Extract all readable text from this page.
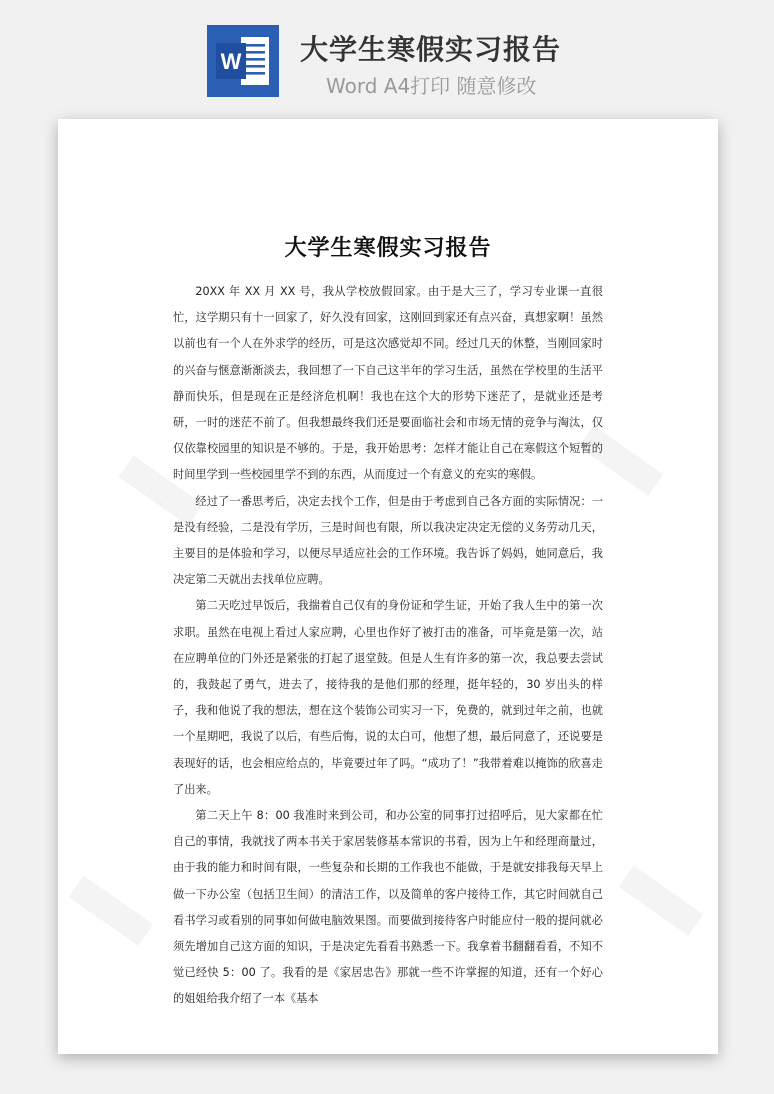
W 大学生寒假实习报告
Word A4打印 随意修改
大学生寒假实习报告

20XX 年 XX 月 XX 号，我从学校放假回家。由于是大三了，学习专业课一直很忙，这学期只有十一回家了，好久没有回家，这刚回到家还有点兴奋，真想家啊！虽然以前也有一个人在外求学的经历，可是这次感觉却不同。经过几天的休整，当刚回家时的兴奋与惬意渐渐淡去，我回想了一下自己这半年的学习生活，虽然在学校里的生活平静而快乐，但是现在正是经济危机啊！我也在这个大的形势下迷茫了，是就业还是考研，一时的迷茫不前了。但我想最终我们还是要面临社会和市场无情的竞争与淘汰，仅仅依靠校园里的知识是不够的。于是，我开始思考：怎样才能让自己在寒假这个短暂的时间里学到一些校园里学不到的东西，从而度过一个有意义的充实的寒假。

经过了一番思考后，决定去找个工作，但是由于考虑到自己各方面的实际情况：一是没有经验，二是没有学历，三是时间也有限，所以我决定决定无偿的义务劳动几天，主要目的是体验和学习，以便尽早适应社会的工作环境。我告诉了妈妈，她同意后，我决定第二天就出去找单位应聘。

第二天吃过早饭后，我揣着自己仅有的身份证和学生证，开始了我人生中的第一次求职。虽然在电视上看过人家应聘，心里也作好了被打击的准备，可毕竟是第一次，站在应聘单位的门外还是紧张的打起了退堂鼓。但是人生有许多的第一次，我总要去尝试的，我鼓起了勇气，进去了，接待我的是他们那的经理，挺年轻的，30 岁出头的样子，我和他说了我的想法，想在这个装饰公司实习一下，免费的，就到过年之前，也就一个星期吧，我说了以后，有些后悔，说的太白可，他想了想，最后同意了，还说要是表现好的话，也会相应给点的，毕竟要过年了吗。“成功了！”我带着难以掩饰的欣喜走了出来。

第二天上午 8：00 我准时来到公司，和办公室的同事打过招呼后，见大家都在忙自己的事情，我就找了两本书关于家居装修基本常识的书看，因为上午和经理商量过，由于我的能力和时间有限，一些复杂和长期的工作我也不能做，于是就安排我每天早上做一下办公室（包括卫生间）的清洁工作，以及简单的客户接待工作，其它时间就自己看书学习或看别的同事如何做电脑效果图。而要做到接待客户时能应付一般的提问就必须先增加自己这方面的知识，于是决定先看看书熟悉一下。我拿着书翻翻看看，不知不觉已经快 5：00 了。我看的是《家居忠告》那就一些不许掌握的知道，还有一个好心的姐姐给我介绍了一本《基本
